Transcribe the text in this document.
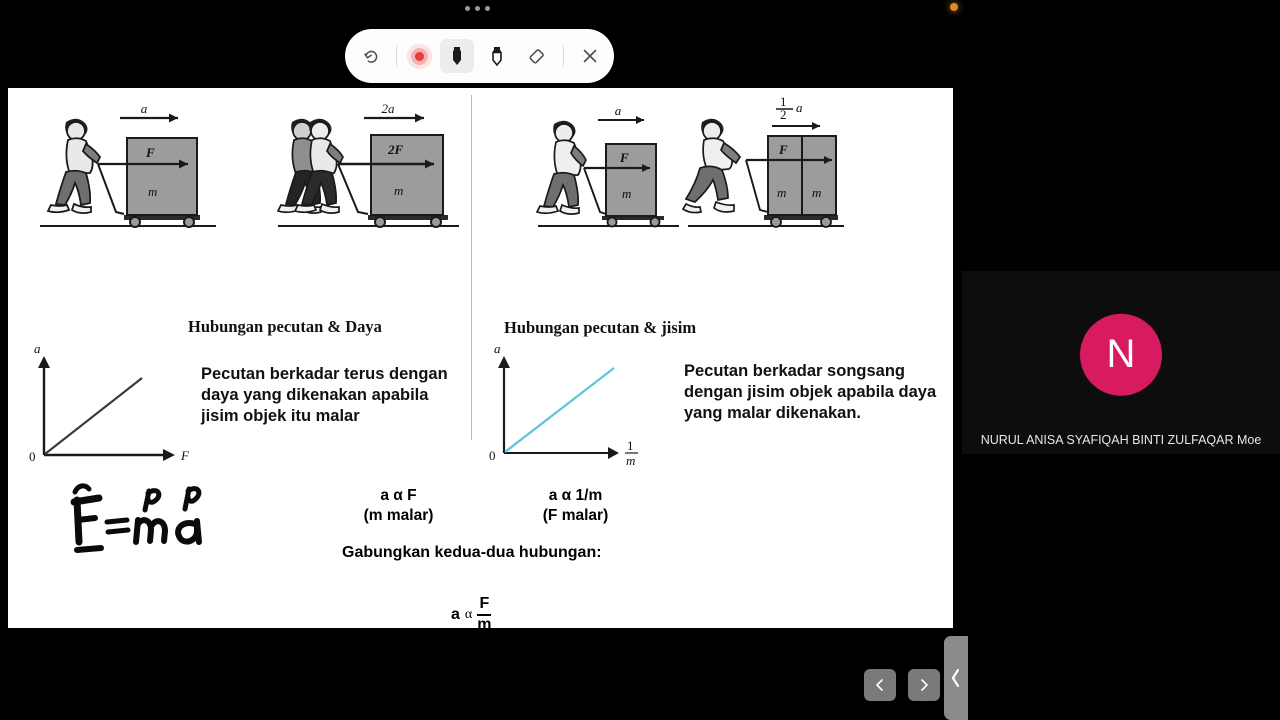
a
F
m
2a
2F
m
a
F
m
1
2 a
F
m m
Hubungan pecutan & Daya	Hubungan pecutan & jisim
a
0	F
a
0
1
m
Pecutan berkadar terus dengan daya yang dikenakan apabila jisim objek itu malar
Pecutan berkadar songsang dengan jisim objek apabila daya yang malar dikenakan.
a α F
(m malar)
a α 1/m
(F malar)
Gabungkan kedua-dua hubungan:
a α $\frac{F}{m}$
Maka: F α ma
N
NURUL ANISA SYAFIQAH BINTI ZULFAQAR Moe
